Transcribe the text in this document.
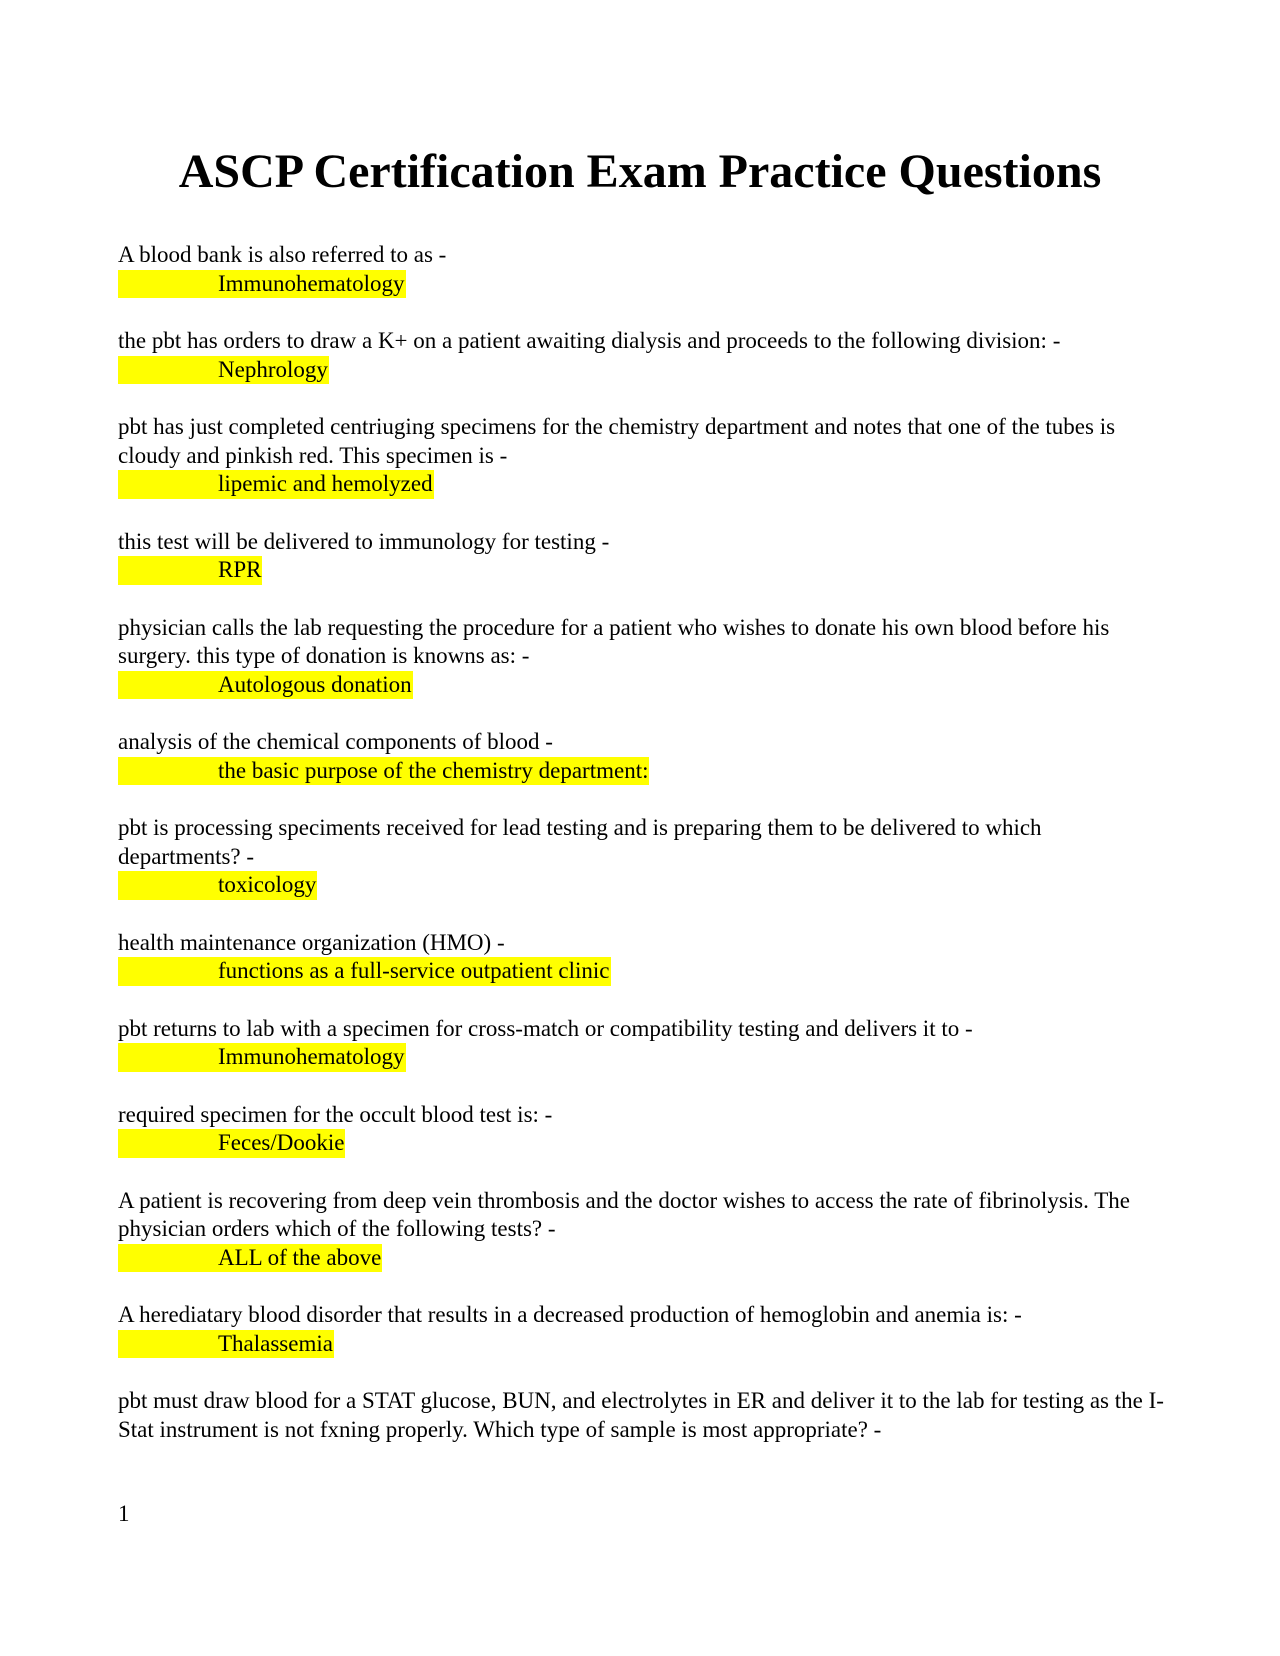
ASCP Certification Exam Practice Questions

A blood bank is also referred to as -

Immunohematology

the pbt has orders to draw a K+ on a patient awaiting dialysis and proceeds to the following division: -

Nephrology

pbt has just completed centriuging specimens for the chemistry department and notes that one of the tubes is cloudy and pinkish red. This specimen is -

lipemic and hemolyzed

this test will be delivered to immunology for testing -

RPR

physician calls the lab requesting the procedure for a patient who wishes to donate his own blood before his surgery. this type of donation is knowns as: -

Autologous donation

analysis of the chemical components of blood -

the basic purpose of the chemistry department:

pbt is processing speciments received for lead testing and is preparing them to be delivered to which departments? -

toxicology

health maintenance organization (HMO) -

functions as a full-service outpatient clinic

pbt returns to lab with a specimen for cross-match or compatibility testing and delivers it to -

Immunohematology

required specimen for the occult blood test is: -

Feces/Dookie

A patient is recovering from deep vein thrombosis and the doctor wishes to access the rate of fibrinolysis. The physician orders which of the following tests? -

ALL of the above

A herediatary blood disorder that results in a decreased production of hemoglobin and anemia is: -

Thalassemia

pbt must draw blood for a STAT glucose, BUN, and electrolytes in ER and deliver it to the lab for testing as the I-Stat instrument is not fxning properly. Which type of sample is most appropriate? -

1
